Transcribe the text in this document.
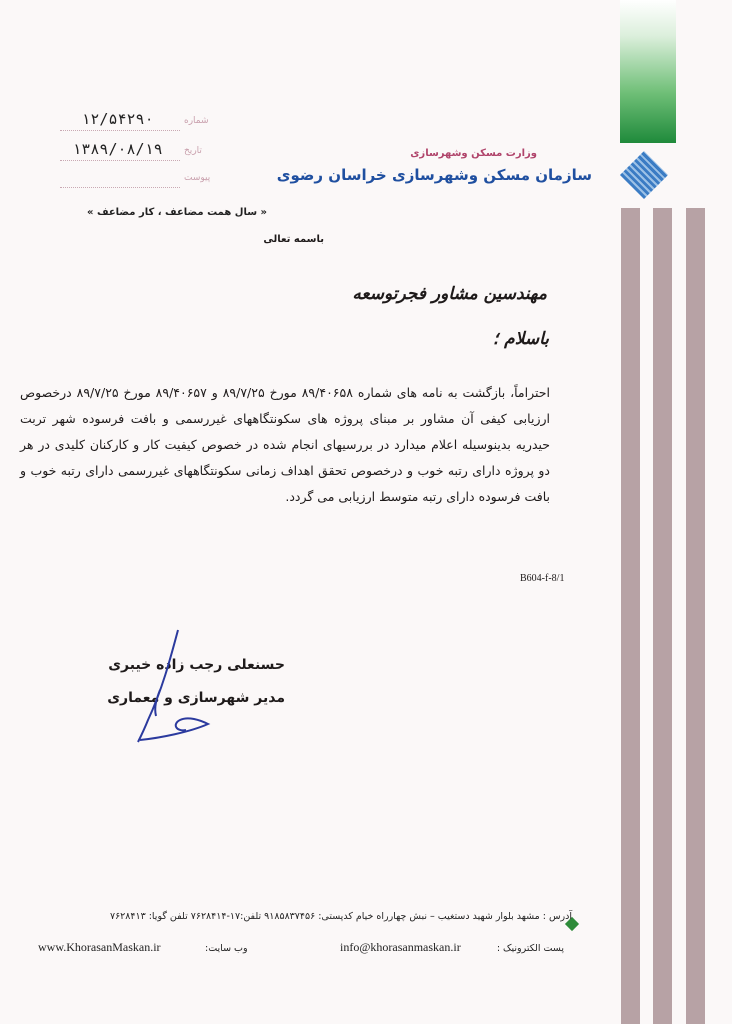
وزارت مسکن وشهرسازی
سازمان مسکن وشهرسازی خراسان رضوی
۱۲/۵۴۲۹۰	شماره
۱۳۸۹/۰۸/۱۹	تاریخ
پیوست
« سال همت مضاعف ، کار مضاعف »
باسمه تعالی
مهندسین مشاور فجرتوسعه
باسلام ؛
احتراماً، بازگشت به نامه های شماره ۸۹/۴۰۶۵۸ مورخ ۸۹/۷/۲۵ و ۸۹/۴۰۶۵۷ مورخ ۸۹/۷/۲۵ درخصوص ارزیابی کیفی آن مشاور بر مبنای پروژه های سکونتگاههای غیررسمی و بافت فرسوده شهر تربت حیدریه بدینوسیله اعلام میدارد در بررسیهای انجام شده در خصوص کیفیت کار و کارکنان کلیدی در هر دو پروژه دارای رتبه خوب و درخصوص تحقق اهداف زمانی سکونتگاههای غیررسمی دارای رتبه خوب و بافت فرسوده دارای رتبه متوسط ارزیابی می گردد.
B604-f-8/1
حسنعلی رجب زاده خیبری
مدیر شهرسازی و معماری
آدرس : مشهد بلوار شهید دستغیب – نبش چهارراه خیام کدپستی: ۹۱۸۵۸۳۷۴۵۶ تلفن:۱۷-۷۶۲۸۴۱۴ تلفن گویا: ۷۶۲۸۴۱۳
پست الکترونیک :
info@khorasanmaskan.ir
وب سایت:
www.KhorasanMaskan.ir
